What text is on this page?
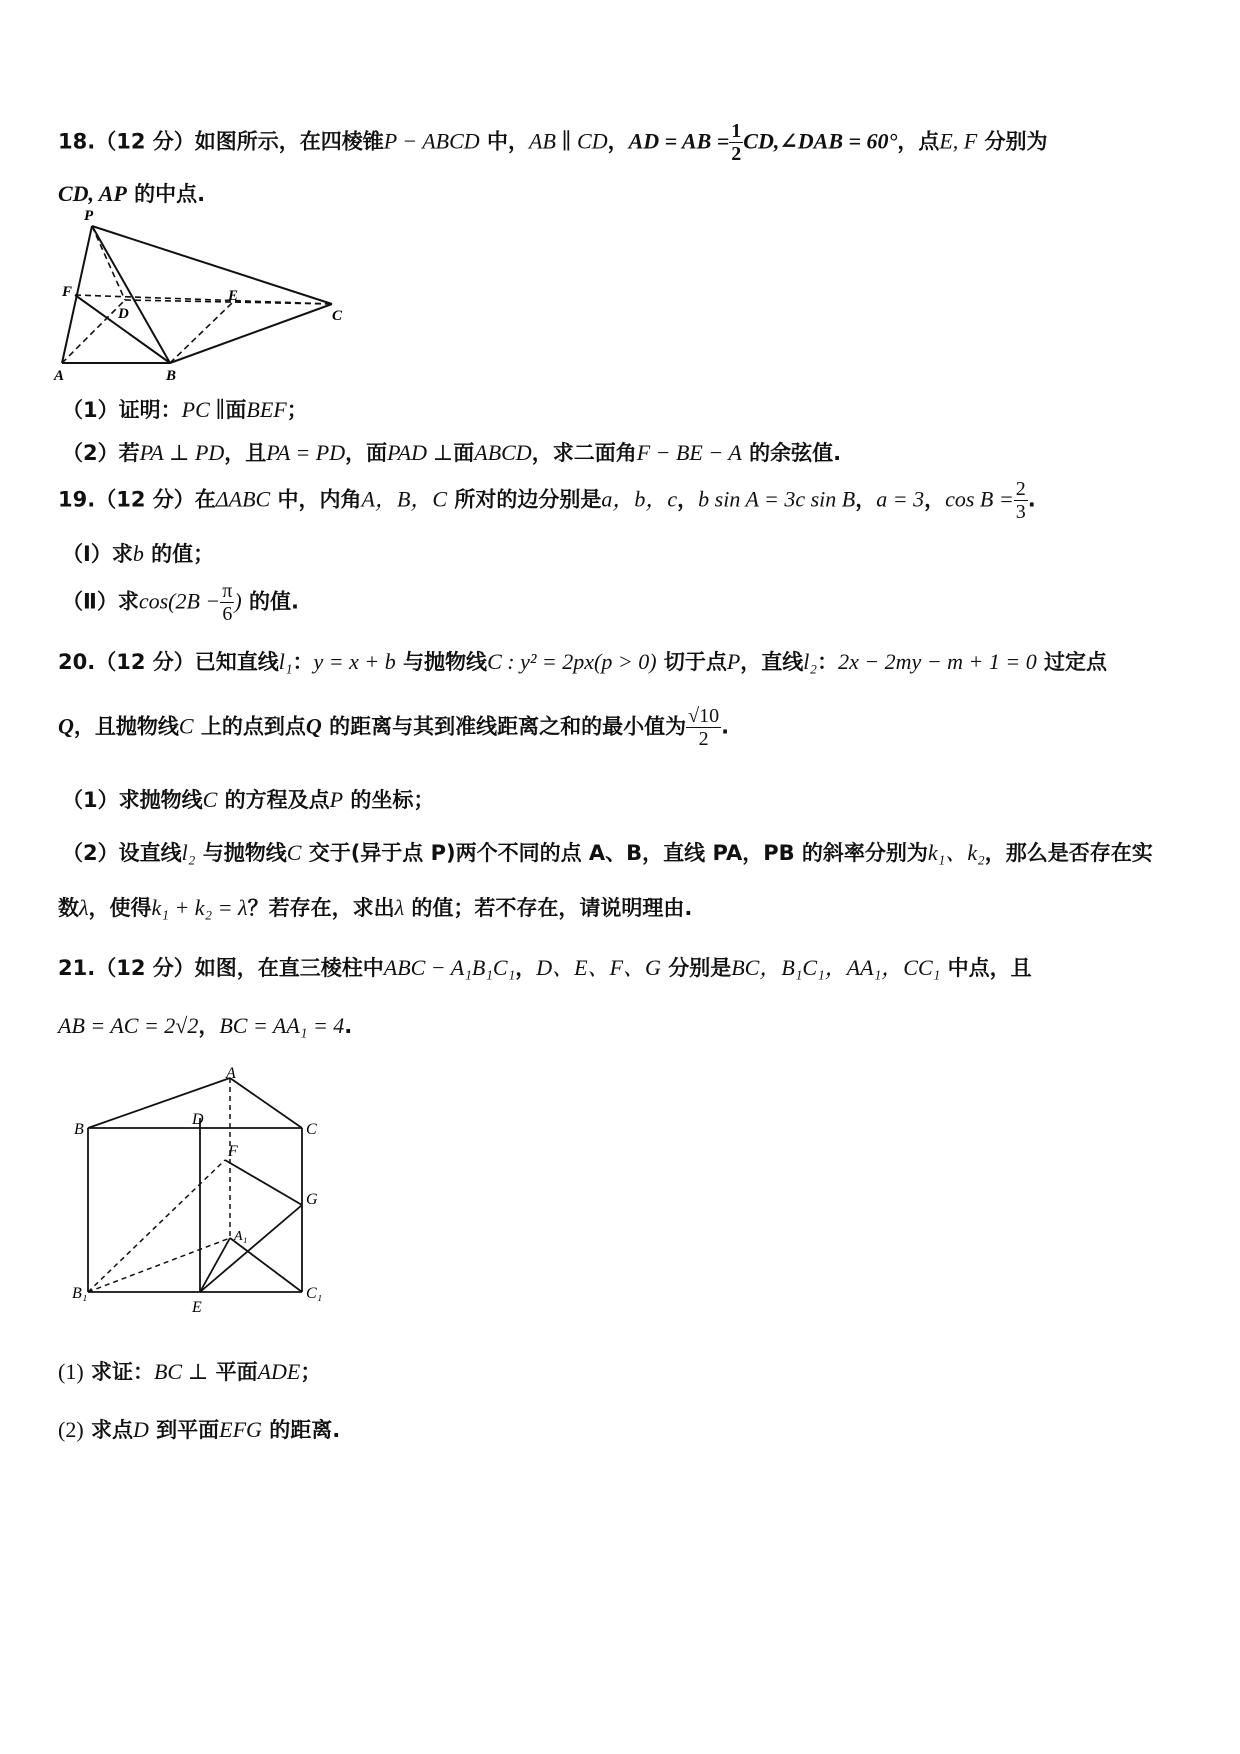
18.（12 分）如图所示，在四棱锥P − ABCD 中，AB ∥ CD，AD = AB = $\frac{1}{2}$ CD,∠DAB = 60°，点E, F 分别为
CD, AP 的中点.
P
F
D
E
C
A	B
（1）证明：PC ∥面BEF；
（2）若PA ⊥ PD，且PA = PD，面PAD ⊥面ABCD，求二面角F − BE − A 的余弦值.
19.（12 分）在ΔABC 中，内角A，B，C 所对的边分别是a，b，c，b sin A = 3c sin B，a = 3，$\cos B = \frac{2}{3}$ .
（Ⅰ）求b 的值；
（Ⅱ）求$\cos(2B - \frac{\pi}{6}$ ) 的值.
20.（12 分）已知直线l₁：y = x + b 与抛物线C : y² = 2px(p > 0) 切于点P，直线l₂：2x − 2my − m + 1 = 0 过定点
Q，且抛物线C 上的点到点Q 的距离与其到准线距离之和的最小值为 $\frac{√10}{2}$ .
（1）求抛物线C 的方程及点P 的坐标；
（2）设直线l₂ 与抛物线C 交于(异于点 P)两个不同的点 A、B，直线 PA，PB 的斜率分别为k₁、k₂，那么是否存在实
数λ，使得k₁ + k₂ = λ？若存在，求出λ 的值；若不存在，请说明理由.
21.（12 分）如图，在直三棱柱中ABC − A₁B₁C₁，D、E、F、G 分别是BC，B₁C₁，AA₁，CC₁ 中点，且
AB = AC = 2√2，BC = AA₁ = 4.
A
B
D
C
F
G
A₁
B₁
E
C₁
(1) 求证：BC ⊥ 平面ADE；
(2) 求点D 到平面EFG 的距离.
